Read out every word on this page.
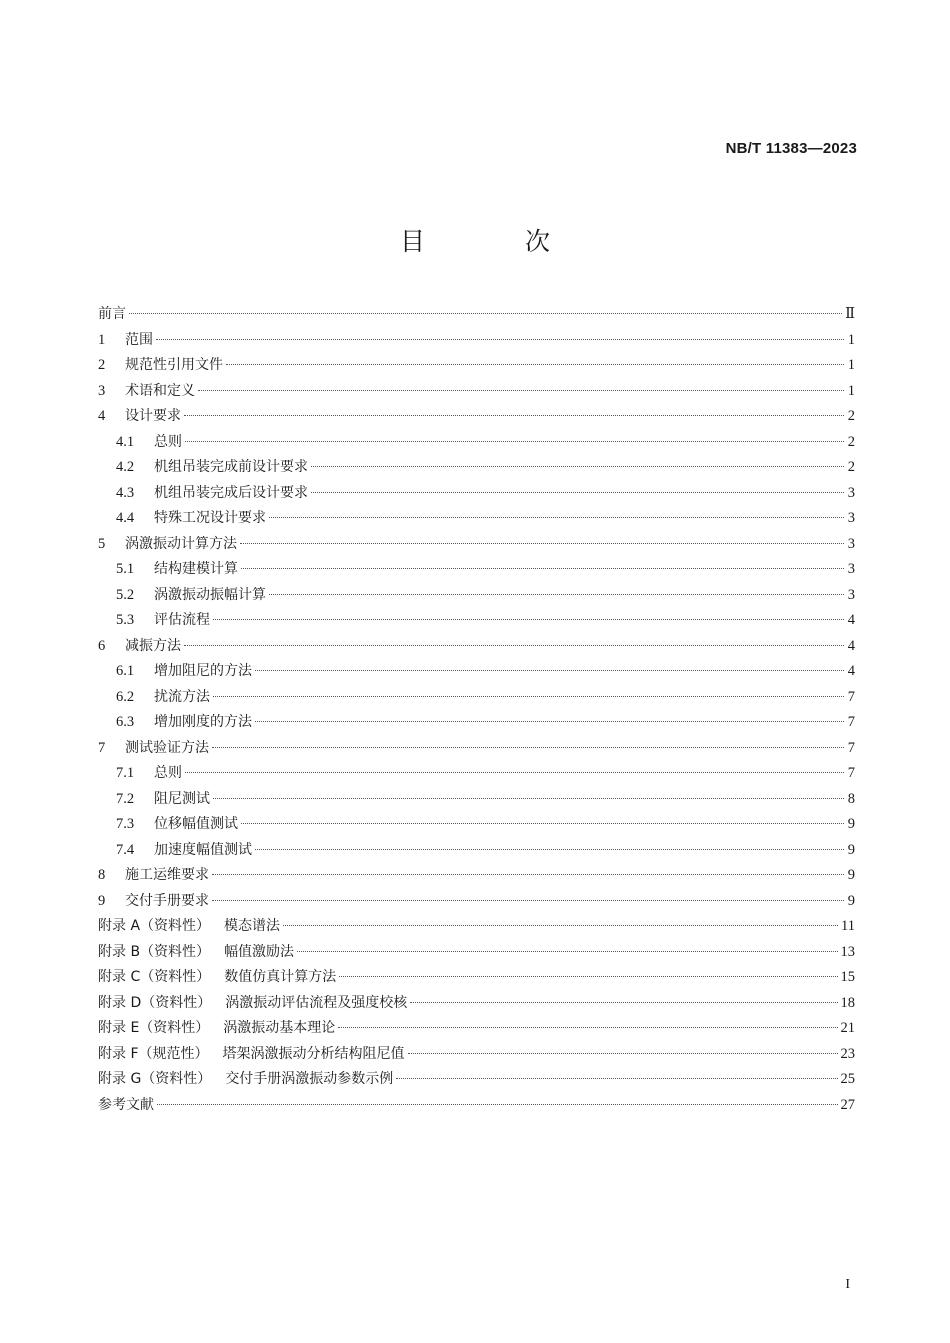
NB/T 11383—2023
目 次
前言	Ⅱ
1	范围	1
2	规范性引用文件	1
3	术语和定义	1
4	设计要求	2
4.1	总则	2
4.2	机组吊装完成前设计要求	2
4.3	机组吊装完成后设计要求	3
4.4	特殊工况设计要求	3
5	涡激振动计算方法	3
5.1	结构建模计算	3
5.2	涡激振动振幅计算	3
5.3	评估流程	4
6	减振方法	4
6.1	增加阻尼的方法	4
6.2	扰流方法	7
6.3	增加刚度的方法	7
7	测试验证方法	7
7.1	总则	7
7.2	阻尼测试	8
7.3	位移幅值测试	9
7.4	加速度幅值测试	9
8	施工运维要求	9
9	交付手册要求	9
附录 A（资料性） 模态谱法	11
附录 B（资料性） 幅值激励法	13
附录 C（资料性） 数值仿真计算方法	15
附录 D（资料性） 涡激振动评估流程及强度校核	18
附录 E（资料性） 涡激振动基本理论	21
附录 F（规范性） 塔架涡激振动分析结构阻尼值	23
附录 G（资料性） 交付手册涡激振动参数示例	25
参考文献	27
I
